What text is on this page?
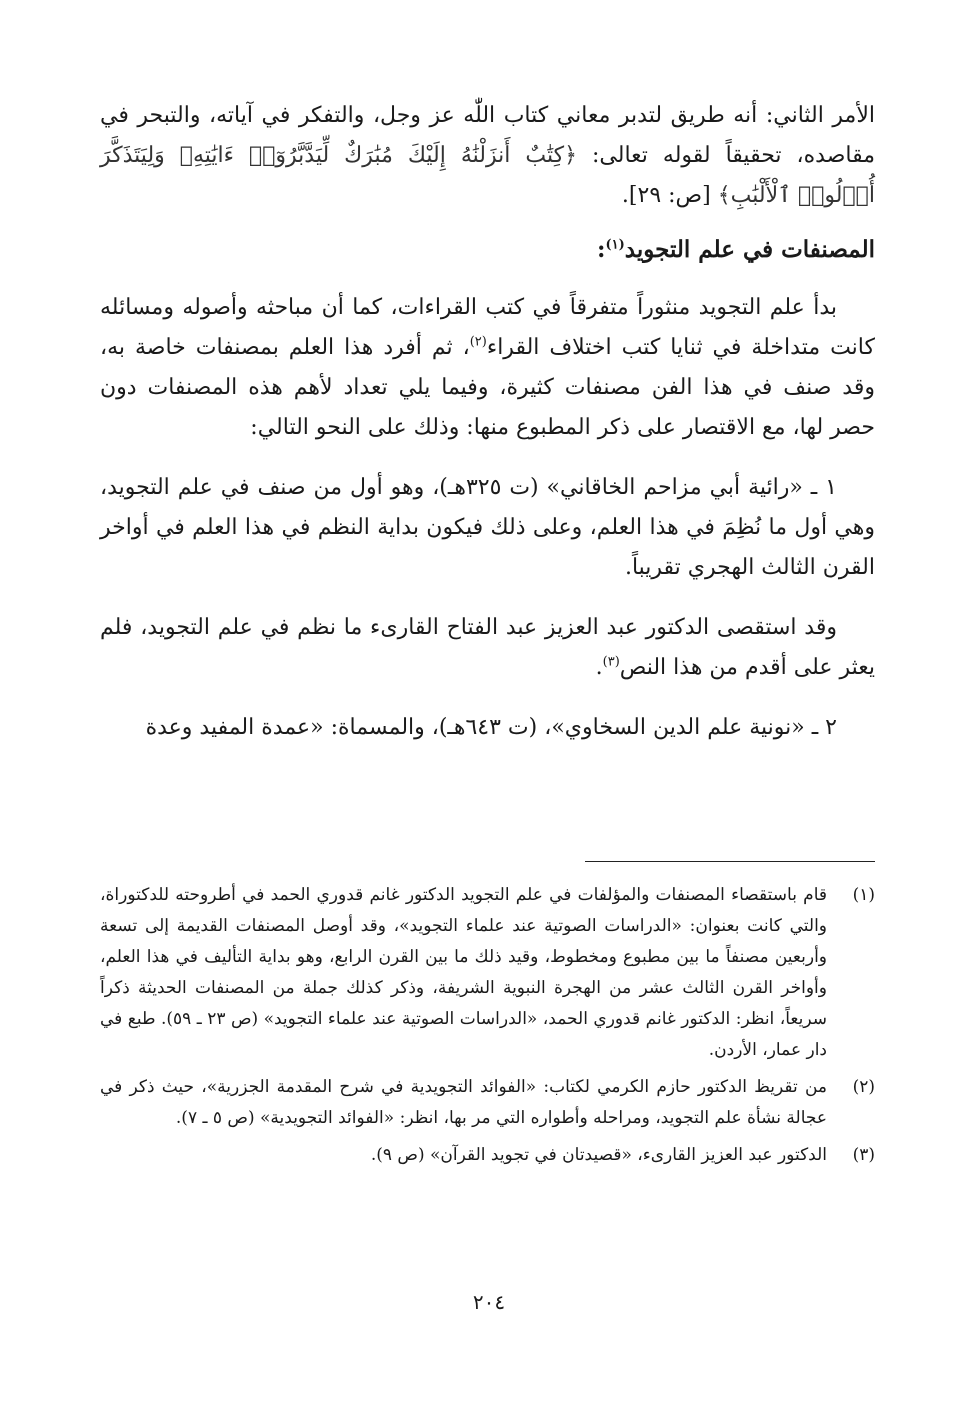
الأمر الثاني: أنه طريق لتدبر معاني كتاب اللّٰه عز وجل، والتفكر في آياته، والتبحر في مقاصده، تحقيقاً لقوله تعالى: ﴿كِتَٰبٌ أَنزَلْنَٰهُ إِلَيْكَ مُبَٰرَكٌ لِّيَدَّبَّرُوٓا۟ ءَايَٰتِهِۦ وَلِيَتَذَكَّرَ أُو۟لُوا۟ ٱلْأَلْبَٰبِ﴾ [ص: ٢٩].

المصنفات في علم التجويد$^{(١)}$:

بدأ علم التجويد منثوراً متفرقاً في كتب القراءات، كما أن مباحثه وأصوله ومسائله كانت متداخلة في ثنايا كتب اختلاف القراء$^{(٢)}$، ثم أفرد هذا العلم بمصنفات خاصة به، وقد صنف في هذا الفن مصنفات كثيرة، وفيما يلي تعداد لأهم هذه المصنفات دون حصر لها، مع الاقتصار على ذكر المطبوع منها: وذلك على النحو التالي:

١ ـ «رائية أبي مزاحم الخاقاني» (ت ٣٢٥هـ)، وهو أول من صنف في علم التجويد، وهي أول ما نُظِمَ في هذا العلم، وعلى ذلك فيكون بداية النظم في هذا العلم في أواخر القرن الثالث الهجري تقريباً.

وقد استقصى الدكتور عبد العزيز عبد الفتاح القارىء ما نظم في علم التجويد، فلم يعثر على أقدم من هذا النص$^{(٣)}$.

٢ ـ «نونية علم الدين السخاوي»، (ت ٦٤٣هـ)، والمسماة: «عمدة المفيد وعدة

(١)
قام باستقصاء المصنفات والمؤلفات في علم التجويد الدكتور غانم قدوري الحمد في أطروحته للدكتوراة، والتي كانت بعنوان: «الدراسات الصوتية عند علماء التجويد»، وقد أوصل المصنفات القديمة إلى تسعة وأربعين مصنفاً ما بين مطبوع ومخطوط، وقيد ذلك ما بين القرن الرابع، وهو بداية التأليف في هذا العلم، وأواخر القرن الثالث عشر من الهجرة النبوية الشريفة، وذكر كذلك جملة من المصنفات الحديثة ذكراً سريعاً، انظر: الدكتور غانم قدوري الحمد، «الدراسات الصوتية عند علماء التجويد» (ص ٢٣ ـ ٥٩). طبع في دار عمار، الأردن.
(٢)
من تقريظ الدكتور حازم الكرمي لكتاب: «الفوائد التجويدية في شرح المقدمة الجزرية»، حيث ذكر في عجالة نشأة علم التجويد، ومراحله وأطواره التي مر بها، انظر: «الفوائد التجويدية» (ص ٥ ـ ٧).
(٣)
الدكتور عبد العزيز القارىء، «قصيدتان في تجويد القرآن» (ص ٩).
٢٠٤
